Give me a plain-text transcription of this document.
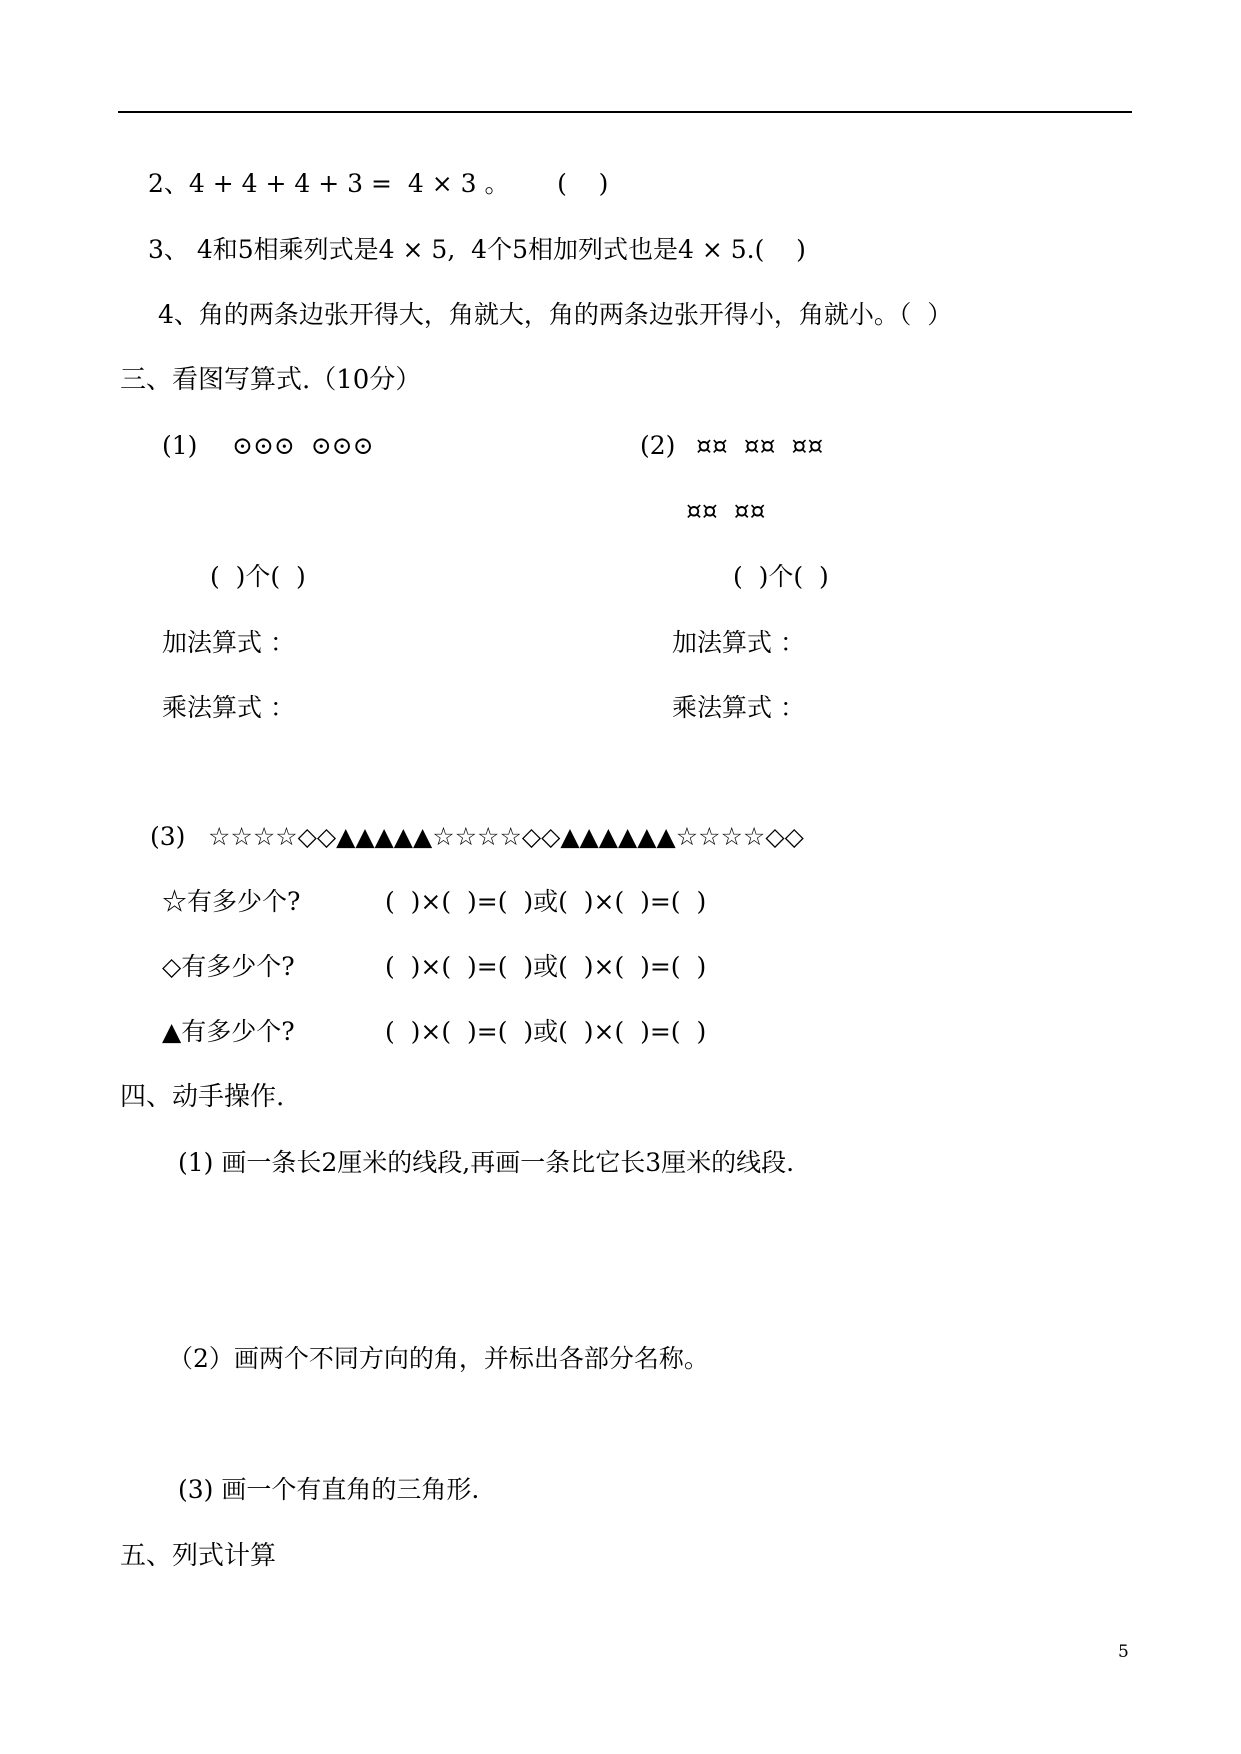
2、4 + 4 + 4 + 3 =  4 × 3 。      (    )
3、 4和5相乘列式是4 × 5,  4个5相加列式也是4 × 5.(    )
4、角的两条边张开得大，角就大，角的两条边张开得小，角就小。（  ）
三、看图写算式.（10分）
(1) ⊙⊙⊙  ⊙⊙⊙
(  )个(  )
加法算式 ：
乘法算式 ：
(2) ¤¤  ¤¤  ¤¤
¤¤  ¤¤
(  )个(  )
加法算式 ：
乘法算式 ：
(3) ☆☆☆☆◇◇▲▲▲▲▲☆☆☆☆◇◇▲▲▲▲▲▲☆☆☆☆◇◇
☆有多少个?	(  )×(  )=(  )或(  )×(  )=(  )
◇有多少个?	(  )×(  )=(  )或(  )×(  )=(  )
▲有多少个?	(  )×(  )=(  )或(  )×(  )=(  )
四、动手操作.
(1) 画一条长2厘米的线段,再画一条比它长3厘米的线段.
（2）画两个不同方向的角，并标出各部分名称。
(3) 画一个有直角的三角形.
五、列式计算
5
